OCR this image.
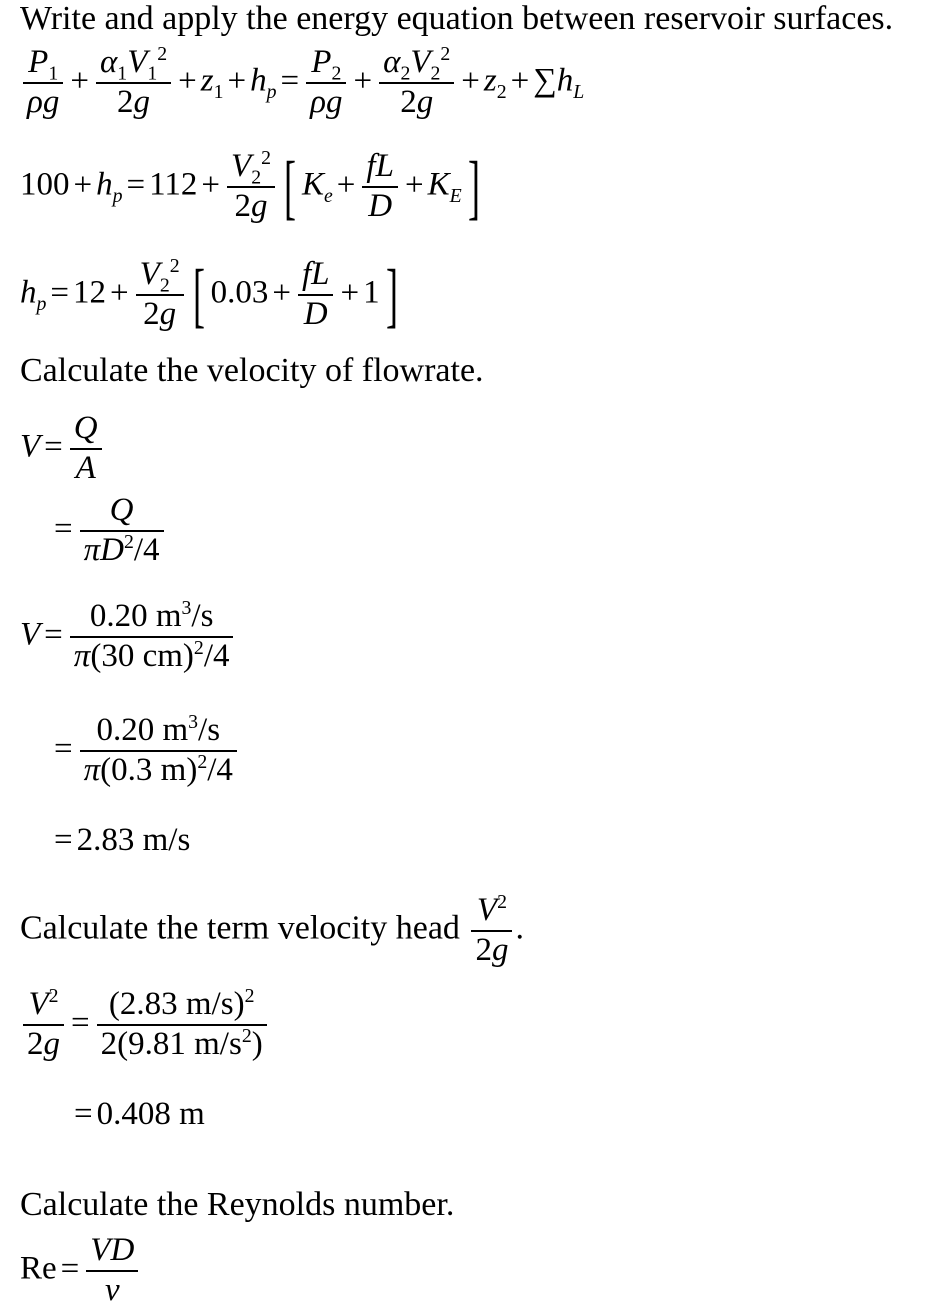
Write and apply the energy equation between reservoir surfaces.
$\frac{P_1}{\rho g} + \frac{\alpha_1V_1^2}{2g} + z_1 + h_p = \frac{P_2}{\rho g} + \frac{\alpha_2V_2^2}{2g} + z_2 + \sum h_L$
$100 + h_p = 112 + \frac{V_2^2}{2g}$ [ $K_e + \frac{fL}{D} + K_E$]
$h_p = 12 + \frac{V_2^2}{2g}$ [ $0.03 + \frac{fL}{D} + 1$]
Calculate the velocity of flowrate.
$V = \frac{Q}{A}$
= $\frac{Q}{\pi D^2/4}$
$V = \frac{0.20 m^3/s}{\pi(30 cm)^2/4}$
= $\frac{0.20 m^3/s}{\pi(0.3 m)^2/4}$
= 2.83 m/s
Calculate the term velocity head $\frac{V^2}{2g}$ .
$\frac{V^2}{2g} = \frac{(2.83 m/s)^2}{2(9.81 m/s^2)}$
= 0.408 m
Calculate the Reynolds number.
$Re = \frac{VD}{\nu}$
